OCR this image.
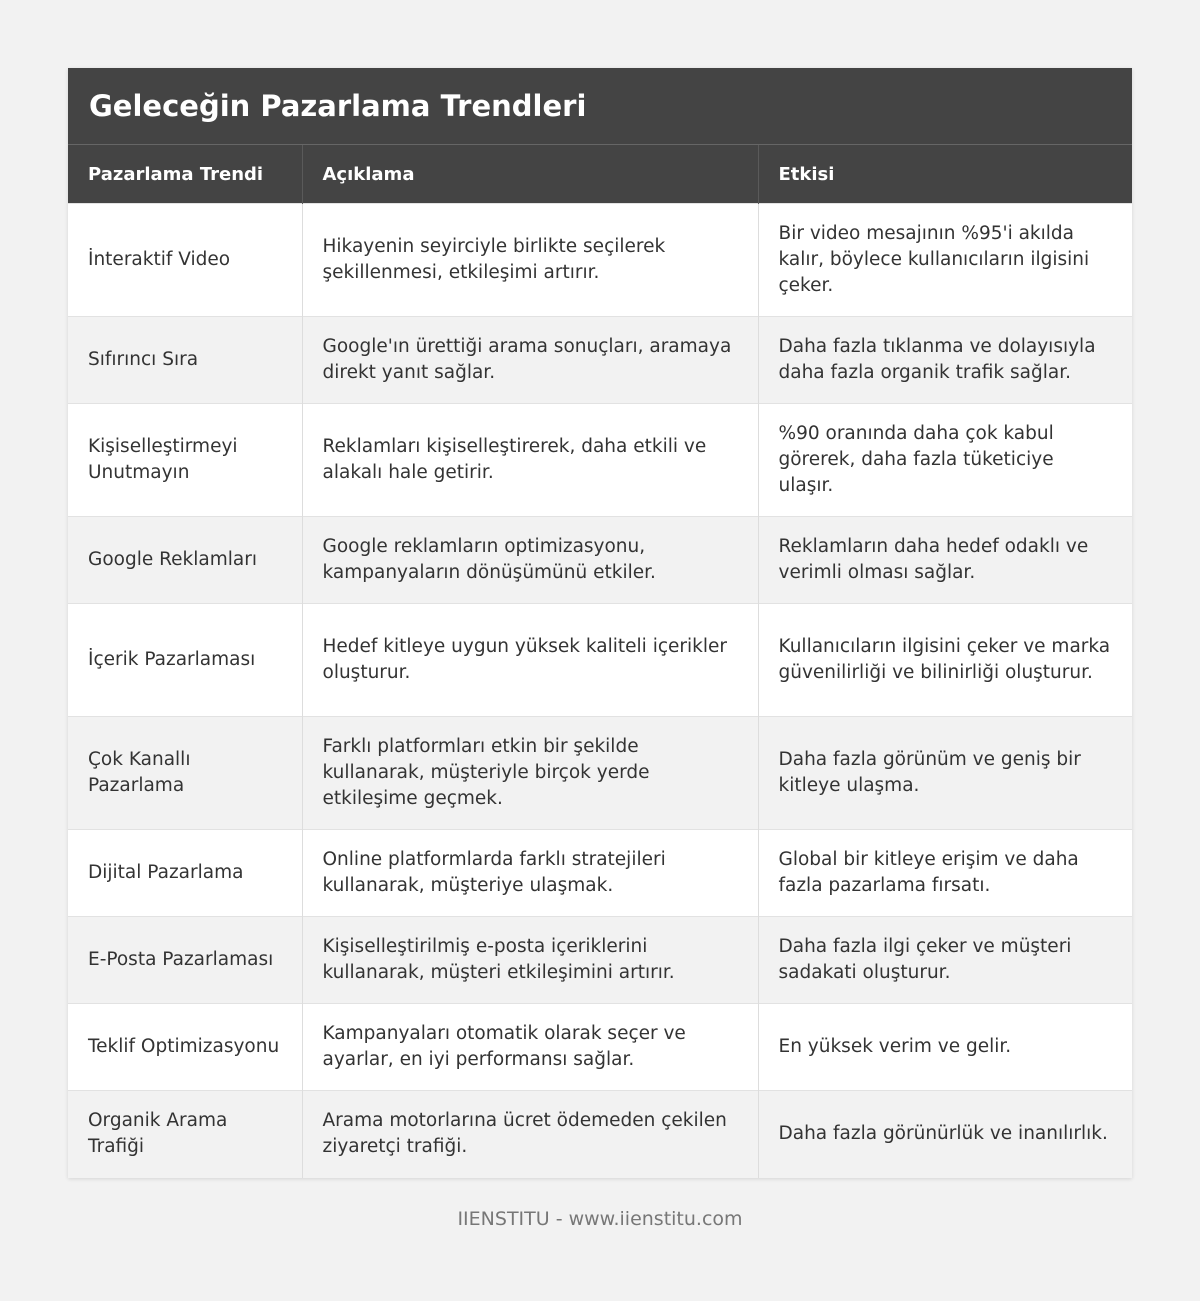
Geleceğin Pazarlama Trendleri
Pazarlama Trendi	Açıklama	Etkisi
İnteraktif Video	Hikayenin seyirciyle birlikte seçilerek şekillenmesi, etkileşimi artırır.	Bir video mesajının %95'i akılda kalır, böylece kullanıcıların ilgisini çeker.
Sıfırıncı Sıra	Google'ın ürettiği arama sonuçları, aramaya direkt yanıt sağlar.	Daha fazla tıklanma ve dolayısıyla daha fazla organik trafik sağlar.
Kişiselleştirmeyi Unutmayın	Reklamları kişiselleştirerek, daha etkili ve alakalı hale getirir.	%90 oranında daha çok kabul görerek, daha fazla tüketiciye ulaşır.
Google Reklamları	Google reklamların optimizasyonu, kampanyaların dönüşümünü etkiler.	Reklamların daha hedef odaklı ve verimli olması sağlar.
İçerik Pazarlaması	Hedef kitleye uygun yüksek kaliteli içerikler oluşturur.	Kullanıcıların ilgisini çeker ve marka güvenilirliği ve bilinirliği oluşturur.
Çok Kanallı Pazarlama	Farklı platformları etkin bir şekilde kullanarak, müşteriyle birçok yerde etkileşime geçmek.	Daha fazla görünüm ve geniş bir kitleye ulaşma.
Dijital Pazarlama	Online platformlarda farklı stratejileri kullanarak, müşteriye ulaşmak.	Global bir kitleye erişim ve daha fazla pazarlama fırsatı.
E-Posta Pazarlaması	Kişiselleştirilmiş e-posta içeriklerini kullanarak, müşteri etkileşimini artırır.	Daha fazla ilgi çeker ve müşteri sadakati oluşturur.
Teklif Optimizasyonu	Kampanyaları otomatik olarak seçer ve ayarlar, en iyi performansı sağlar.	En yüksek verim ve gelir.
Organik Arama Trafiği	Arama motorlarına ücret ödemeden çekilen ziyaretçi trafiği.	Daha fazla görünürlük ve inanılırlık.
IIENSTITU - www.iienstitu.com
